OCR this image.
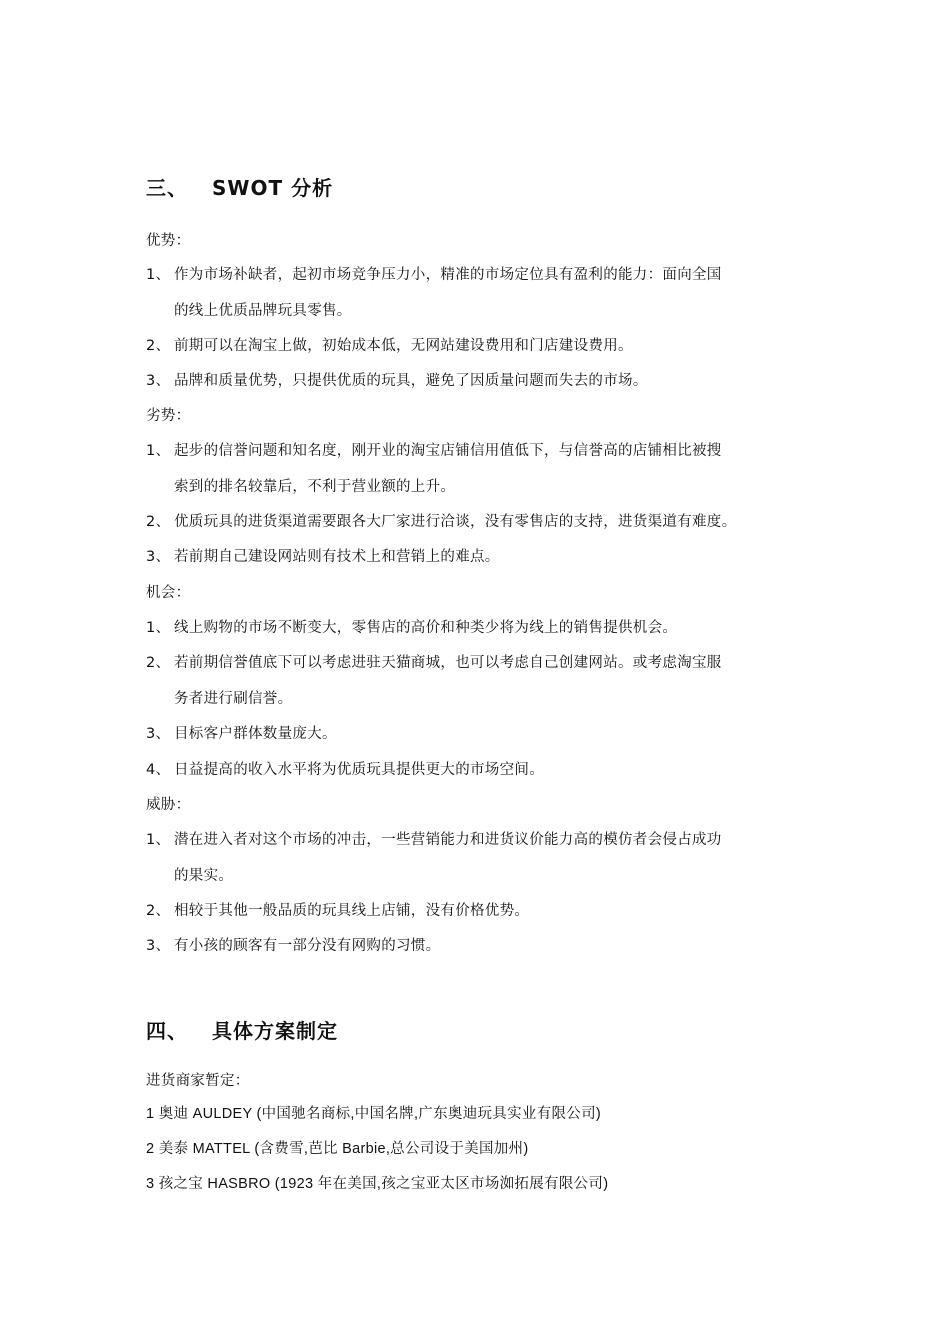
三、 SWOT 分析
优势：
1、 作为市场补缺者，起初市场竞争压力小，精准的市场定位具有盈利的能力：面向全国
的线上优质品牌玩具零售。
2、 前期可以在淘宝上做，初始成本低，无网站建设费用和门店建设费用。
3、 品牌和质量优势，只提供优质的玩具，避免了因质量问题而失去的市场。
劣势：
1、 起步的信誉问题和知名度，刚开业的淘宝店铺信用值低下，与信誉高的店铺相比被搜
索到的排名较靠后，不利于营业额的上升。
2、 优质玩具的进货渠道需要跟各大厂家进行洽谈，没有零售店的支持，进货渠道有难度。
3、 若前期自己建设网站则有技术上和营销上的难点。
机会：
1、 线上购物的市场不断变大，零售店的高价和种类少将为线上的销售提供机会。
2、 若前期信誉值底下可以考虑进驻天猫商城，也可以考虑自己创建网站。或考虑淘宝服
务者进行刷信誉。
3、 目标客户群体数量庞大。
4、 日益提高的收入水平将为优质玩具提供更大的市场空间。
威胁：
1、 潜在进入者对这个市场的冲击，一些营销能力和进货议价能力高的模仿者会侵占成功
的果实。
2、 相较于其他一般品质的玩具线上店铺，没有价格优势。
3、 有小孩的顾客有一部分没有网购的习惯。
四、 具体方案制定
进货商家暂定：
1 奥迪 AULDEY (中国驰名商标,中国名牌,广东奥迪玩具实业有限公司)
2 美泰 MATTEL (含费雪,芭比 Barbie,总公司设于美国加州)
3 孩之宝 HASBRO (1923 年在美国,孩之宝亚太区市场洳拓展有限公司)
